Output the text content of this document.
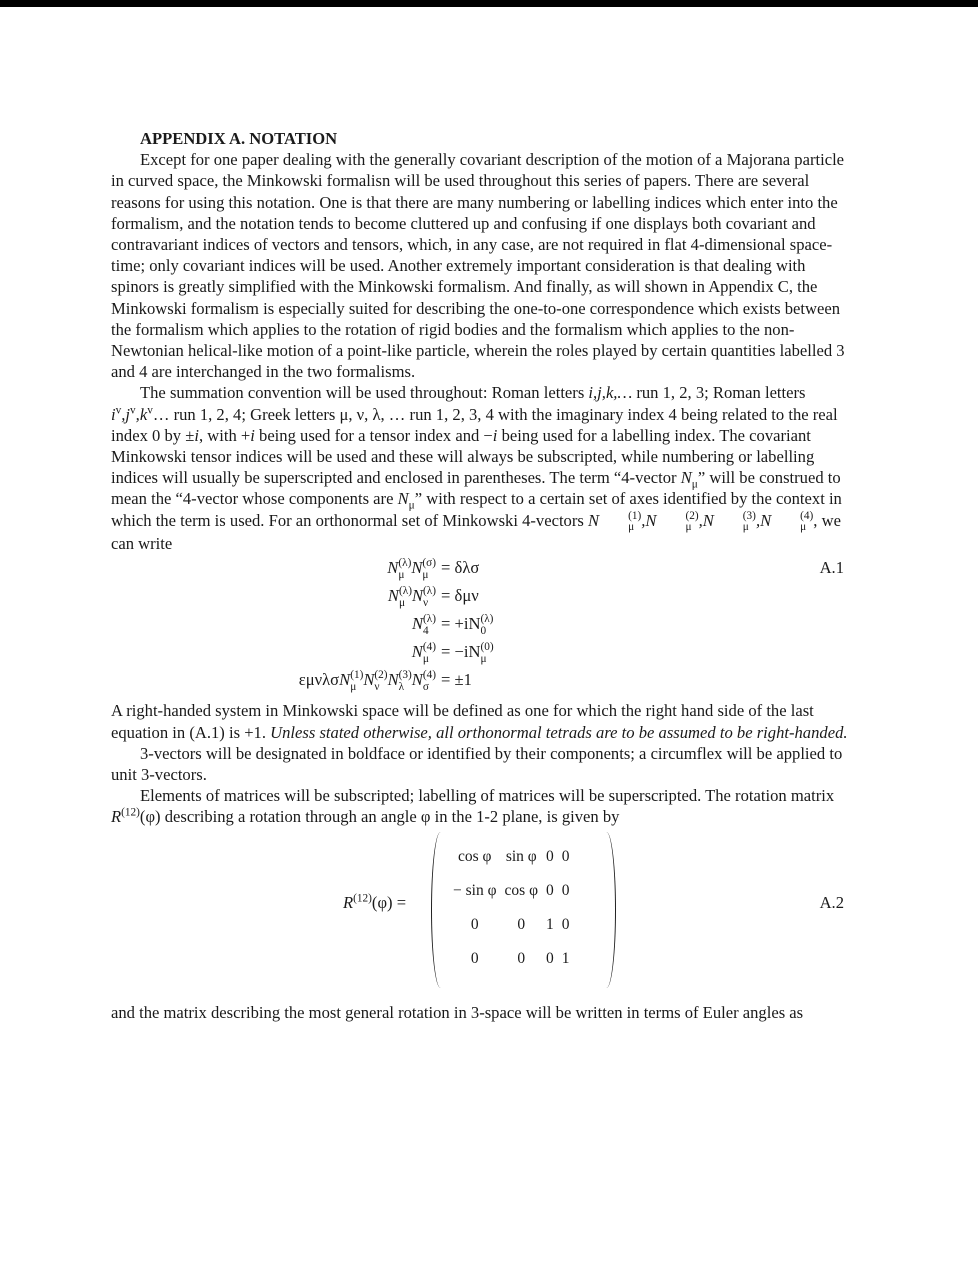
APPENDIX A. NOTATION

Except for one paper dealing with the generally covariant description of the motion of a Majorana particle in curved space, the Minkowski formalisn will be used throughout this series of papers. There are several reasons for using this notation. One is that there are many numbering or labelling indices which enter into the formalism, and the notation tends to become cluttered up and confusing if one displays both covariant and contravariant indices of vectors and tensors, which, in any case, are not required in flat 4-dimensional space-time; only covariant indices will be used. Another extremely important consideration is that dealing with spinors is greatly simplified with the Minkowski formalism. And finally, as will shown in Appendix C, the Minkowski formalism is especially suited for describing the one-to-one correspondence which exists between the formalism which applies to the rotation of rigid bodies and the formalism which applies to the non-Newtonian helical-like motion of a point-like particle, wherein the roles played by certain quantities labelled 3 and 4 are interchanged in the two formalisms.

The summation convention will be used throughout: Roman letters i,j,k,… run 1, 2, 3; Roman letters $i^v,j^v,k^v\dots$ run 1, 2, 4; Greek letters μ, ν, λ, … run 1, 2, 3, 4 with the imaginary index 4 being related to the real index 0 by ±i, with +i being used for a tensor index and −i being used for a labelling index. The covariant Minkowski tensor indices will be used and these will always be subscripted, while numbering or labelling indices will usually be superscripted and enclosed in parentheses. The term “4-vector $N_\mu$” will be construed to mean the “4-vector whose components are $N_\mu$” with respect to a certain set of axes identified by the context in which the term is used. For an orthonormal set of Minkowski 4-vectors N	(1)
μ ,N	(2)
μ ,N	(3)
μ ,N	(4)
μ , we can write

N (λ)
μ N (σ)
μ = δλσ	A.1
N (λ)
μ N (λ)
ν = δμν
N (λ)
4 = +iN (λ)
0
N (4)
μ = −iN (0)
μ
εμνλσN (1)
μ N (2)
ν N (3)
λ N (4)
σ = ±1

A right-handed system in Minkowski space will be defined as one for which the right hand side of the last equation in (A.1) is +1. Unless stated otherwise, all orthonormal tetrads are to be assumed to be right-handed.

3-vectors will be designated in boldface or identified by their components; a circumflex will be applied to unit 3-vectors.

Elements of matrices will be subscripted; labelling of matrices will be superscripted. The rotation matrix $R^{(12)}(\varphi)$ describing a rotation through an angle φ in the 1-2 plane, is given by

$R^{(12)}(\varphi)$ =
cos φ	sin φ	0	0
− sin φ	cos φ	0	0
0	0	1	0
0	0	0	1
A.2

and the matrix describing the most general rotation in 3-space will be written in terms of Euler angles as
